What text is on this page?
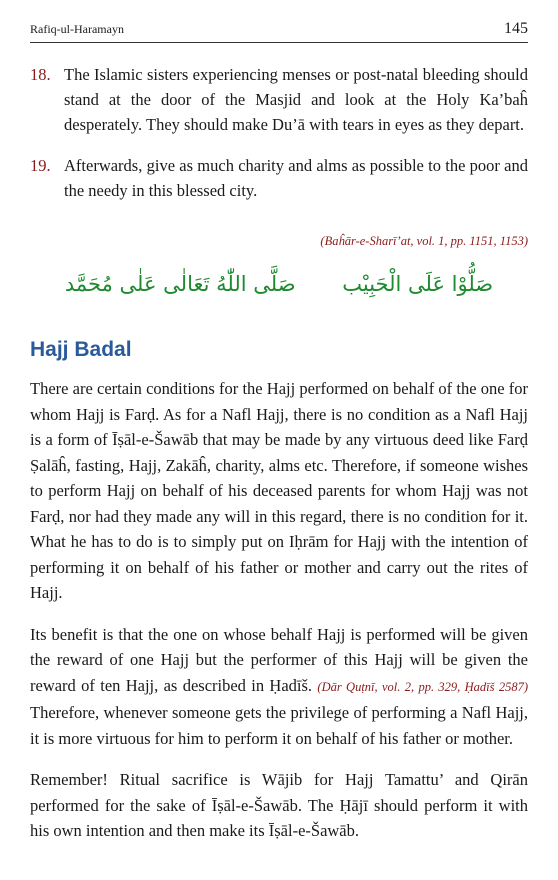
Rafiq-ul-Haramayn	145
18. The Islamic sisters experiencing menses or post-natal bleeding should stand at the door of the Masjid and look at the Holy Ka’baĥ desperately. They should make Du’ā with tears in eyes as they depart.
19. Afterwards, give as much charity and alms as possible to the poor and the needy in this blessed city.
(Baĥār-e-Sharī’at, vol. 1, pp. 1151, 1153)
صَلُّوْا عَلَى الْحَبِيْب صَلَّى اللّٰهُ تَعَالٰى عَلٰى مُحَمَّد
Hajj Badal

There are certain conditions for the Hajj performed on behalf of the one for whom Hajj is Farḍ. As for a Nafl Hajj, there is no condition as a Nafl Hajj is a form of Īṣāl-e-Šawāb that may be made by any virtuous deed like Farḍ Ṣalāĥ, fasting, Hajj, Zakāĥ, charity, alms etc. Therefore, if someone wishes to perform Hajj on behalf of his deceased parents for whom Hajj was not Farḍ, nor had they made any will in this regard, there is no condition for it. What he has to do is to simply put on Iḥrām for Hajj with the intention of performing it on behalf of his father or mother and carry out the rites of Hajj.

Its benefit is that the one on whose behalf Hajj is performed will be given the reward of one Hajj but the performer of this Hajj will be given the reward of ten Hajj, as described in Ḥadīš. (Dār Quṭnī, vol. 2, pp. 329, Ḥadīš 2587) Therefore, whenever someone gets the privilege of performing a Nafl Hajj, it is more virtuous for him to perform it on behalf of his father or mother.

Remember! Ritual sacrifice is Wājib for Hajj Tamattu’ and Qirān performed for the sake of Īṣāl-e-Šawāb. The Ḥājī should perform it with his own intention and then make its Īṣāl-e-Šawāb.
